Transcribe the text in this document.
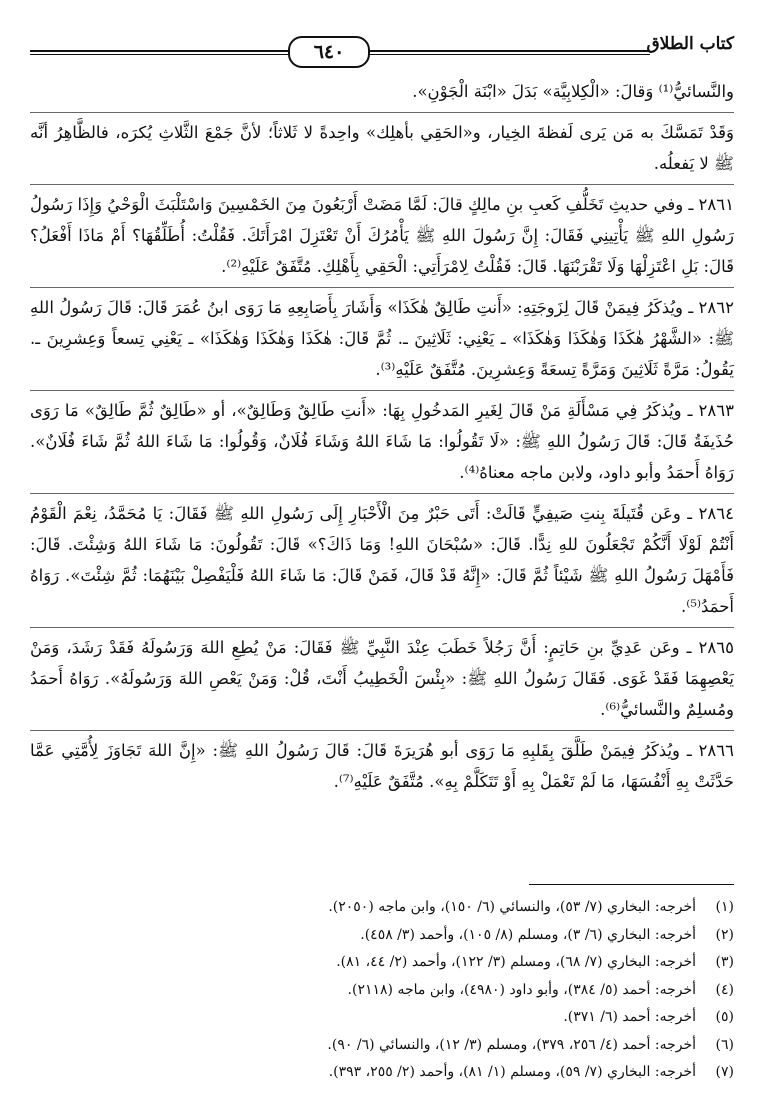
٦٤٠	كتاب الطلاق

والنَّسائيُّ⁽¹⁾ وَقالَ: «الْكِلابِيَّة» بَدَلَ «ابْنَة الْجَوْنِ».

وَقَدْ تَمَسَّكَ به مَن يَرى لَفظةَ الخِيار، و«الحَقِي بأهلِك» واحِدةً لا ثَلاثاً؛ لأنَّ جَمْعَ الثَّلاثِ يُكرَه، فالظَّاهِرُ أنَّه ﷺ لا يَفعلُه.

٢٨٦١ ـ وفي حديثِ تَخَلُّفِ كَعبِ بنِ مالِكٍ قالَ: لَمَّا مَضَتْ أَرْبَعُونَ مِنَ الخَمْسِينَ وَاسْتَلْبَثَ الْوَحْيُ وَإِذَا رَسُولُ رَسُولِ اللهِ ﷺ يَأْتِينِي فَقَالَ: إِنَّ رَسُولَ اللهِ ﷺ يَأْمُرُكَ أَنْ تَعْتَزِلَ امْرَأَتَكَ. فَقُلْتُ: أُطَلِّقُهَا؟ أَمْ مَاذَا أَفْعَلُ؟ قَالَ: بَلِ اعْتَزِلْهَا وَلَا تَقْرَبْنَهَا. قَالَ: فَقُلْتُ لِامْرَأَتِي: الْحَقِي بِأَهْلِكِ. مُتَّفَقٌ عَلَيْهِ⁽²⁾.

٢٨٦٢ ـ ويُذكَرُ فِيمَنْ قَالَ لِزَوجَتِهِ: «أَنتِ طَالِقٌ هٰكَذَا» وَأَشَارَ بِأَصَابِعِهِ مَا رَوَى ابنُ عُمَرَ قَالَ: قَالَ رَسُولُ اللهِ ﷺ: «الشَّهْرُ هٰكَذَا وَهٰكَذَا وَهٰكَذَا» ـ يَعْنِي: ثَلَاثِينَ ـ. ثُمَّ قَالَ: هٰكَذَا وَهٰكَذَا وَهٰكَذَا» ـ يَعْنِي تِسعاً وَعِشرِينَ ـ. يَقُولُ: مَرَّةً ثَلَاثِينَ وَمَرَّةً تِسعَةً وَعِشرِينَ. مُتَّفَقٌ عَلَيْهِ⁽³⁾.

٢٨٦٣ ـ ويُذكَرُ فِي مَسْأَلَةِ مَنْ قَالَ لِغَيرِ المَدخُولِ بِهَا: «أَنتِ طَالِقٌ وَطَالِقٌ»، أو «طَالِقٌ ثُمَّ طَالِقٌ» مَا رَوَى حُذَيفَةُ قَالَ: قَالَ رَسُولُ اللهِ ﷺ: «لَا تَقُولُوا: مَا شَاءَ اللهُ وَشَاءَ فُلَانٌ، وَقُولُوا: مَا شَاءَ اللهُ ثُمَّ شَاءَ فُلَانٌ». رَوَاهُ أَحمَدُ وأبو داود، ولابن ماجه معناهُ⁽⁴⁾.

٢٨٦٤ ـ وعَن قُتَيلَةَ بِنتِ صَيفِيٍّ قَالَتْ: أَتَى حَبْرٌ مِنَ الْأَحْبَارِ إِلَى رَسُولِ اللهِ ﷺ فَقَالَ: يَا مُحَمَّدُ، نِعْمَ الْقَوْمُ أَنْتُمْ لَوْلَا أَنَّكُمْ تَجْعَلُونَ للهِ نِدًّا. قَالَ: «سُبْحَانَ اللهِ! وَمَا ذَاكَ؟» قَالَ: تَقُولُونَ: مَا شَاءَ اللهُ وَشِئْتَ. قَالَ: فَأَمْهَلَ رَسُولُ اللهِ ﷺ شَيْئاً ثُمَّ قَالَ: «إِنَّهُ قَدْ قَالَ، فَمَنْ قَالَ: مَا شَاءَ اللهُ فَلْيَفْصِلْ بَيْنَهُمَا: ثُمَّ شِئْتَ». رَوَاهُ أَحمَدُ⁽⁵⁾.

٢٨٦٥ ـ وعَن عَدِيِّ بنِ حَاتِمٍ: أَنَّ رَجُلاً خَطَبَ عِنْدَ النَّبِيِّ ﷺ فَقَالَ: مَنْ يُطِعِ اللهَ وَرَسُولَهُ فَقَدْ رَشَدَ، وَمَنْ يَعْصِهِمَا فَقَدْ غَوَى. فَقَالَ رَسُولُ اللهِ ﷺ: «بِئْسَ الْخَطِيبُ أَنْتَ، قُلْ: وَمَنْ يَعْصِ اللهَ وَرَسُولَهُ». رَوَاهُ أَحمَدُ ومُسلِمٌ والنَّسائيُّ⁽⁶⁾.

٢٨٦٦ ـ ويُذكَرُ فِيمَنْ طَلَّقَ بِقَلبِهِ مَا رَوَى أبو هُرَيرَةَ قَالَ: قَالَ رَسُولُ اللهِ ﷺ: «إِنَّ اللهَ تَجَاوَزَ لِأُمَّتِي عَمَّا حَدَّثَتْ بِهِ أَنْفُسَهَا، مَا لَمْ تَعْمَلْ بِهِ أَوْ تَتَكَلَّمْ بِهِ». مُتَّفَقٌ عَلَيْهِ⁽⁷⁾.

(١)
أخرجه: البخاري (٧/ ٥٣)، والنسائي (٦/ ١٥٠)، وابن ماجه (٢٠٥٠).
(٢)
أخرجه: البخاري (٦/ ٣)، ومسلم (٨/ ١٠٥)، وأحمد (٣/ ٤٥٨).
(٣)
أخرجه: البخاري (٧/ ٦٨)، ومسلم (٣/ ١٢٢)، وأحمد (٢/ ٤٤، ٨١).
(٤)
أخرجه: أحمد (٥/ ٣٨٤)، وأبو داود (٤٩٨٠)، وابن ماجه (٢١١٨).
(٥)
أخرجه: أحمد (٦/ ٣٧١).
(٦)
أخرجه: أحمد (٤/ ٢٥٦، ٣٧٩)، ومسلم (٣/ ١٢)، والنسائي (٦/ ٩٠).
(٧)
أخرجه: البخاري (٧/ ٥٩)، ومسلم (١/ ٨١)، وأحمد (٢/ ٢٥٥، ٣٩٣).
